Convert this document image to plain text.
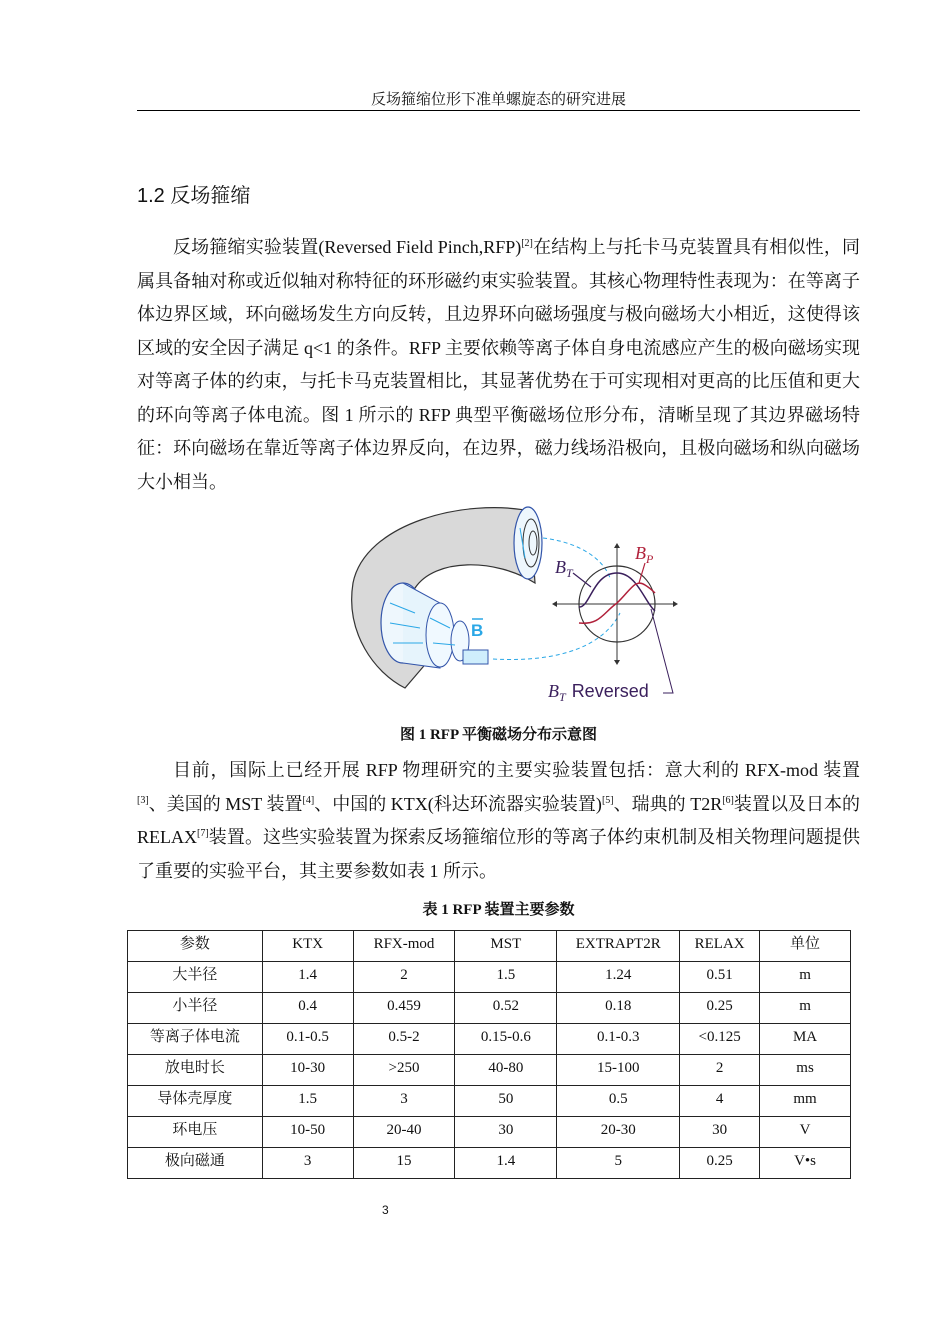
反场箍缩位形下准单螺旋态的研究进展
1.2 反场箍缩
反场箍缩实验装置(Reversed Field Pinch,RFP)[2]在结构上与托卡马克装置具有相似性，同属具备轴对称或近似轴对称特征的环形磁约束实验装置。其核心物理特性表现为：在等离子体边界区域，环向磁场发生方向反转，且边界环向磁场强度与极向磁场大小相近，这使得该区域的安全因子满足 q<1 的条件。RFP 主要依赖等离子体自身电流感应产生的极向磁场实现对等离子体的约束，与托卡马克装置相比，其显著优势在于可实现相对更高的比压值和更大的环向等离子体电流。图 1 所示的 RFP 典型平衡磁场位形分布，清晰呈现了其边界磁场特征：环向磁场在靠近等离子体边界反向，在边界，磁力线场沿极向，且极向磁场和纵向磁场大小相当。
B
$B_T$
$B_P$
$B_T$ Reversed
图 1 RFP 平衡磁场分布示意图
目前，国际上已经开展 RFP 物理研究的主要实验装置包括：意大利的 RFX-mod 装置[3]、美国的 MST 装置[4]、中国的 KTX(科达环流器实验装置)[5]、瑞典的 T2R[6]装置以及日本的 RELAX[7]装置。这些实验装置为探索反场箍缩位形的等离子体约束机制及相关物理问题提供了重要的实验平台，其主要参数如表 1 所示。
表 1 RFP 装置主要参数
参数	KTX	RFX-mod	MST	EXTRAPT2R	RELAX	单位
大半径	1.4	2	1.5	1.24	0.51	m
小半径	0.4	0.459	0.52	0.18	0.25	m
等离子体电流	0.1-0.5	0.5-2	0.15-0.6	0.1-0.3	<0.125	MA
放电时长	10-30	>250	40-80	15-100	2	ms
导体壳厚度	1.5	3	50	0.5	4	mm
环电压	10-50	20-40	30	20-30	30	V
极向磁通	3	15	1.4	5	0.25	V•s
3
